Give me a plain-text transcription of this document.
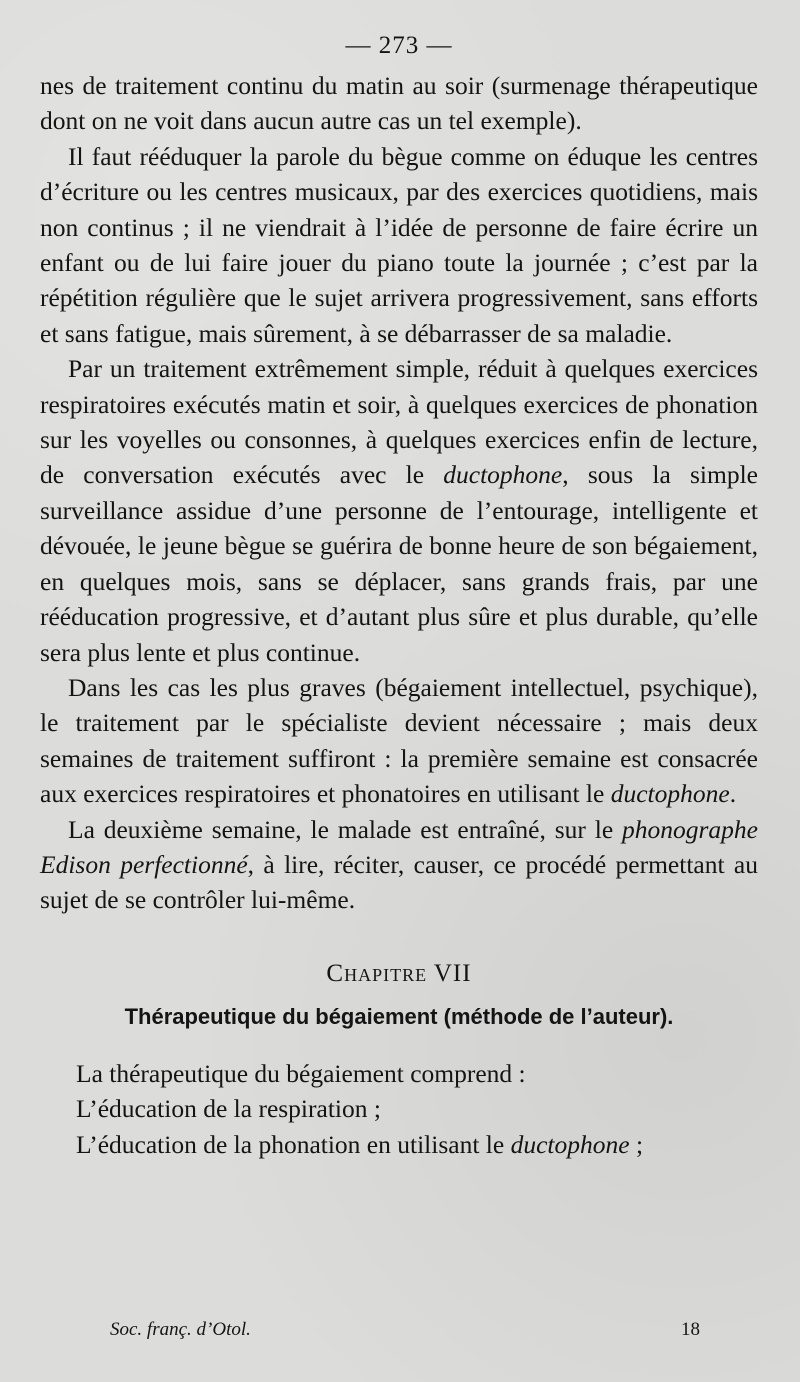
— 273 —

nes de traitement continu du matin au soir (surmenage thérapeutique dont on ne voit dans aucun autre cas un tel exemple).

Il faut rééduquer la parole du bègue comme on éduque les centres d’écriture ou les centres musicaux, par des exercices quotidiens, mais non continus ; il ne viendrait à l’idée de personne de faire écrire un enfant ou de lui faire jouer du piano toute la journée ; c’est par la répétition régulière que le sujet arrivera progressivement, sans efforts et sans fatigue, mais sûrement, à se débarrasser de sa maladie.

Par un traitement extrêmement simple, réduit à quelques exercices respiratoires exécutés matin et soir, à quelques exercices de phonation sur les voyelles ou consonnes, à quelques exercices enfin de lecture, de conversation exécutés avec le ductophone, sous la simple surveillance assidue d’une personne de l’entourage, intelligente et dévouée, le jeune bègue se guérira de bonne heure de son bégaiement, en quelques mois, sans se déplacer, sans grands frais, par une rééducation progressive, et d’autant plus sûre et plus durable, qu’elle sera plus lente et plus continue.

Dans les cas les plus graves (bégaiement intellectuel, psychique), le traitement par le spécialiste devient nécessaire ; mais deux semaines de traitement suffiront : la première semaine est consacrée aux exercices respiratoires et phonatoires en utilisant le ductophone.

La deuxième semaine, le malade est entraîné, sur le phonographe Edison perfectionné, à lire, réciter, causer, ce procédé permettant au sujet de se contrôler lui-même.

Chapitre VII
Thérapeutique du bégaiement (méthode de l’auteur).

La thérapeutique du bégaiement comprend :

L’éducation de la respiration ;

L’éducation de la phonation en utilisant le ductophone ;

Soc. franç. d’Otol.	18
